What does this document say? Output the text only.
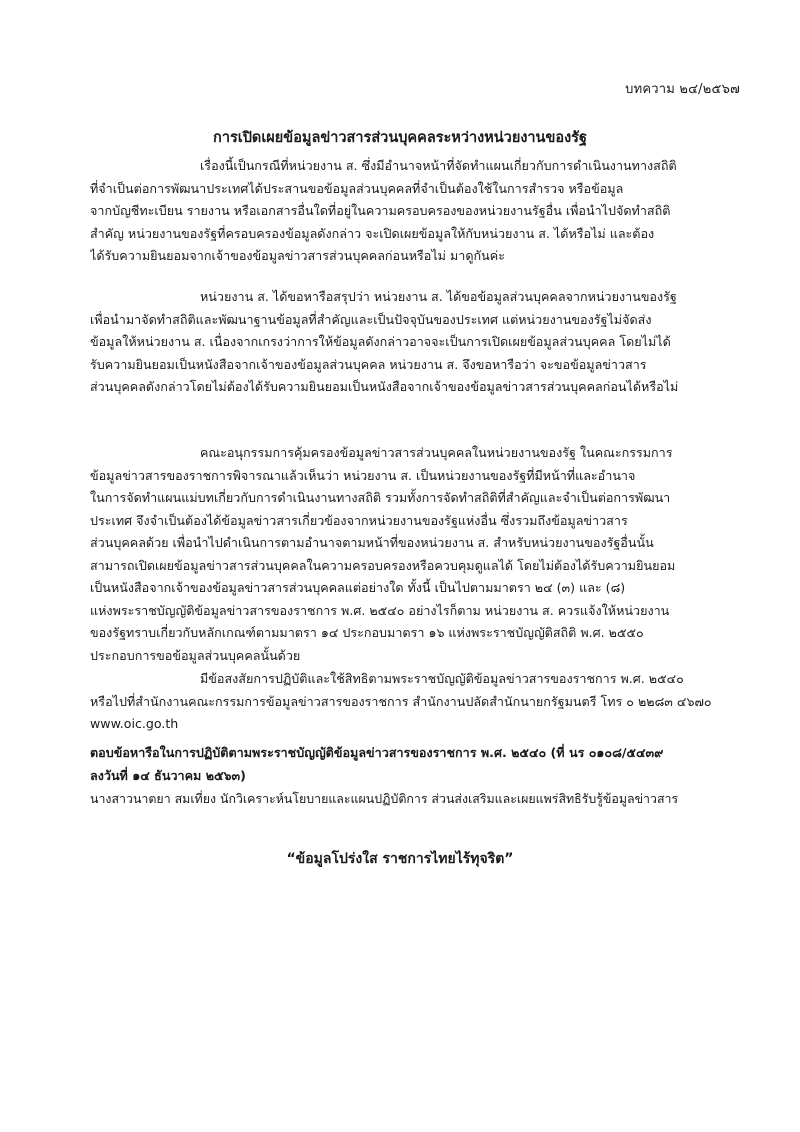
บทความ ๒๔/๒๕๖๗
การเปิดเผยข้อมูลข่าวสารส่วนบุคคลระหว่างหน่วยงานของรัฐ

เรื่องนี้เป็นกรณีที่หน่วยงาน ส. ซึ่งมีอำนาจหน้าที่จัดทำแผนเกี่ยวกับการดำเนินงานทางสถิติ
ที่จำเป็นต่อการพัฒนาประเทศได้ประสานขอข้อมูลส่วนบุคคลที่จำเป็นต้องใช้ในการสำรวจ หรือข้อมูล
จากบัญชีทะเบียน รายงาน หรือเอกสารอื่นใดที่อยู่ในความครอบครองของหน่วยงานรัฐอื่น เพื่อนำไปจัดทำสถิติ
สำคัญ หน่วยงานของรัฐที่ครอบครองข้อมูลดังกล่าว จะเปิดเผยข้อมูลให้กับหน่วยงาน ส. ได้หรือไม่ และต้อง
ได้รับความยินยอมจากเจ้าของข้อมูลข่าวสารส่วนบุคคลก่อนหรือไม่ มาดูกันค่ะ

หน่วยงาน ส. ได้ขอหารือสรุปว่า หน่วยงาน ส. ได้ขอข้อมูลส่วนบุคคลจากหน่วยงานของรัฐ
เพื่อนำมาจัดทำสถิติและพัฒนาฐานข้อมูลที่สำคัญและเป็นปัจจุบันของประเทศ แต่หน่วยงานของรัฐไม่จัดส่ง
ข้อมูลให้หน่วยงาน ส. เนื่องจากเกรงว่าการให้ข้อมูลดังกล่าวอาจจะเป็นการเปิดเผยข้อมูลส่วนบุคคล โดยไม่ได้
รับความยินยอมเป็นหนังสือจากเจ้าของข้อมูลส่วนบุคคล หน่วยงาน ส. จึงขอหารือว่า จะขอข้อมูลข่าวสาร
ส่วนบุคคลดังกล่าวโดยไม่ต้องได้รับความยินยอมเป็นหนังสือจากเจ้าของข้อมูลข่าวสารส่วนบุคคลก่อนได้หรือไม่

คณะอนุกรรมการคุ้มครองข้อมูลข่าวสารส่วนบุคคลในหน่วยงานของรัฐ ในคณะกรรมการ
ข้อมูลข่าวสารของราชการพิจารณาแล้วเห็นว่า หน่วยงาน ส. เป็นหน่วยงานของรัฐที่มีหน้าที่และอำนาจ
ในการจัดทำแผนแม่บทเกี่ยวกับการดำเนินงานทางสถิติ รวมทั้งการจัดทำสถิติที่สำคัญและจำเป็นต่อการพัฒนา
ประเทศ จึงจำเป็นต้องได้ข้อมูลข่าวสารเกี่ยวข้องจากหน่วยงานของรัฐแห่งอื่น ซึ่งรวมถึงข้อมูลข่าวสาร
ส่วนบุคคลด้วย เพื่อนำไปดำเนินการตามอำนาจตามหน้าที่ของหน่วยงาน ส. สำหรับหน่วยงานของรัฐอื่นนั้น
สามารถเปิดเผยข้อมูลข่าวสารส่วนบุคคลในความครอบครองหรือควบคุมดูแลได้ โดยไม่ต้องได้รับความยินยอม
เป็นหนังสือจากเจ้าของข้อมูลข่าวสารส่วนบุคคลแต่อย่างใด ทั้งนี้ เป็นไปตามมาตรา ๒๔ (๓) และ (๘)
แห่งพระราชบัญญัติข้อมูลข่าวสารของราชการ พ.ศ. ๒๕๔๐ อย่างไรก็ตาม หน่วยงาน ส. ควรแจ้งให้หน่วยงาน
ของรัฐทราบเกี่ยวกับหลักเกณฑ์ตามมาตรา ๑๔ ประกอบมาตรา ๑๖ แห่งพระราชบัญญัติสถิติ พ.ศ. ๒๕๕๐
ประกอบการขอข้อมูลส่วนบุคคลนั้นด้วย

มีข้อสงสัยการปฏิบัติและใช้สิทธิตามพระราชบัญญัติข้อมูลข่าวสารของราชการ พ.ศ. ๒๕๔๐
หรือไปที่สำนักงานคณะกรรมการข้อมูลข่าวสารของราชการ สำนักงานปลัดสำนักนายกรัฐมนตรี โทร ๐ ๒๒๘๓ ๔๖๗๐
www.oic.go.th

ตอบข้อหารือในการปฏิบัติตามพระราชบัญญัติข้อมูลข่าวสารของราชการ พ.ศ. ๒๕๔๐ (ที่ นร ๐๑๐๘/๕๔๓๙
ลงวันที่ ๑๔ ธันวาคม ๒๕๖๓)
นางสาวนาตยา สมเที่ยง นักวิเคราะห์นโยบายและแผนปฏิบัติการ ส่วนส่งเสริมและเผยแพร่สิทธิรับรู้ข้อมูลข่าวสาร
“ข้อมูลโปร่งใส ราชการไทยไร้ทุจริต”
